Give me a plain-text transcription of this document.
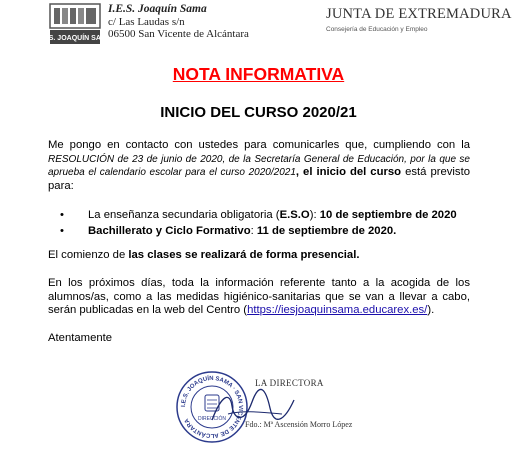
I.E.S. JOAQUÍN SAMA
I.E.S. Joaquín Sama
c/ Las Laudas s/n
06500 San Vicente de Alcántara
JUNTA DE EXTREMADURA
Consejería de Educación y Empleo
NOTA INFORMATIVA
INICIO DEL CURSO 2020/21
Me pongo en contacto con ustedes para comunicarles que, cumpliendo con la RESOLUCIÓN de 23 de junio de 2020, de la Secretaría General de Educación, por la que se aprueba el calendario escolar para el curso 2020/2021, el inicio del curso está previsto para:
•	La enseñanza secundaria obligatoria (E.S.O): 10 de septiembre de 2020
•	Bachillerato y Ciclo Formativo: 11 de septiembre de 2020.
El comienzo de las clases se realizará de forma presencial.
En los próximos días, toda la información referente tanto a la acogida de los alumnos/as, como a las medidas higiénico-sanitarias que se van a llevar a cabo, serán publicadas en la web del Centro (https://iesjoaquinsama.educarex.es/).
Atentamente
I.E.S. JOAQUÍN SAMA · SAN VICENTE DE ALCÁNTARA	DIRECCIÓN
LA DIRECTORA
Fdo.: Mª Ascensión Morro López
